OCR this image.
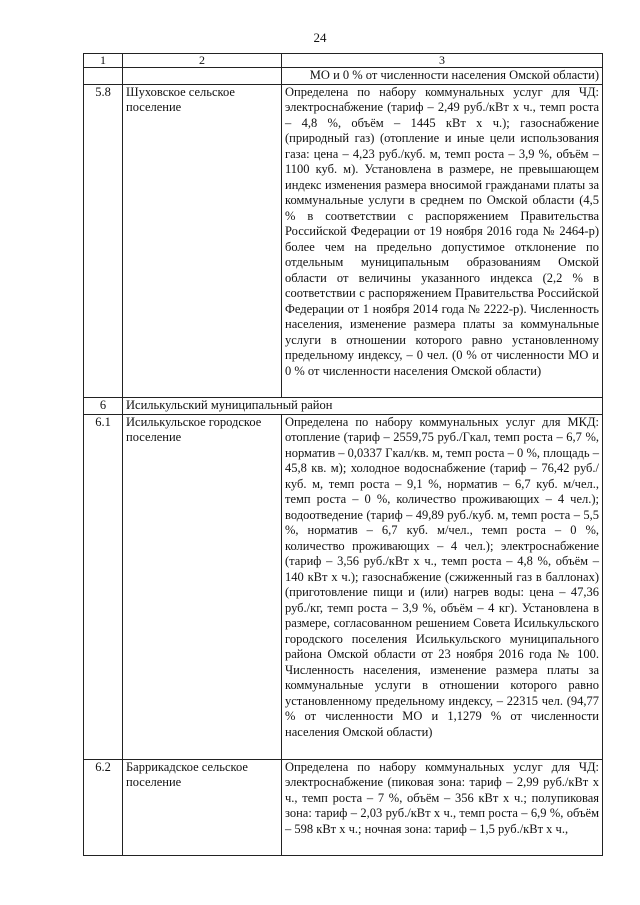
24
1	2	3
		МО и 0 % от численности населения Омской области)
5.8	Шуховское сельское поселение	Определена по набору коммунальных услуг для ЧД: электроснабжение (тариф – 2,49 руб./кВт х ч., темп роста – 4,8 %, объём – 1445 кВт х ч.); газоснабжение (природный газ) (отопление и иные цели использования газа: цена – 4,23 руб./куб. м, темп роста – 3,9 %, объём – 1100 куб. м). Установлена в размере, не превышающем индекс изменения размера вносимой гражданами платы за коммунальные услуги в среднем по Омской области (4,5 % в соответствии с распоряжением Правительства Российской Федерации от 19 ноября 2016 года № 2464-р) более чем на предельно допустимое отклонение по отдельным муниципальным образованиям Омской области от величины указанного индекса (2,2 % в соответствии с распоряжением Правительства Российской Федерации от 1 ноября 2014 года № 2222-р). Численность населения, изменение размера платы за коммунальные услуги в отношении которого равно установленному предельному индексу, – 0 чел. (0 % от численности МО и 0 % от численности населения Омской области)
6	Исилькульский муниципальный район	
6.1	Исилькульское городское поселение	Определена по набору коммунальных услуг для МКД: отопление (тариф – 2559,75 руб./Гкал, темп роста – 6,7 %, норматив – 0,0337 Гкал/кв. м, темп роста – 0 %, площадь – 45,8 кв. м); холодное водоснабжение (тариф – 76,42 руб./куб. м, темп роста – 9,1 %, норматив – 6,7 куб. м/чел., темп роста – 0 %, количество проживающих – 4 чел.); водоотведение (тариф – 49,89 руб./куб. м, темп роста – 5,5 %, норматив – 6,7 куб. м/чел., темп роста – 0 %, количество проживающих – 4 чел.); электроснабжение (тариф – 3,56 руб./кВт х ч., темп роста – 4,8 %, объём – 140 кВт х ч.); газоснабжение (сжиженный газ в баллонах) (приготовление пищи и (или) нагрев воды: цена – 47,36 руб./кг, темп роста – 3,9 %, объём – 4 кг). Установлена в размере, согласованном решением Совета Исилькульского городского поселения Исилькульского муниципального района Омской области от 23 ноября 2016 года № 100. Численность населения, изменение размера платы за коммунальные услуги в отношении которого равно установленному предельному индексу, – 22315 чел. (94,77 % от численности МО и 1,1279 % от численности населения Омской области)
6.2	Баррикадское сельское поселение	Определена по набору коммунальных услуг для ЧД: электроснабжение (пиковая зона: тариф – 2,99 руб./кВт х ч., темп роста – 7 %, объём – 356 кВт х ч.; полупиковая зона: тариф – 2,03 руб./кВт х ч., темп роста – 6,9 %, объём – 598 кВт х ч.; ночная зона: тариф – 1,5 руб./кВт х ч.,
